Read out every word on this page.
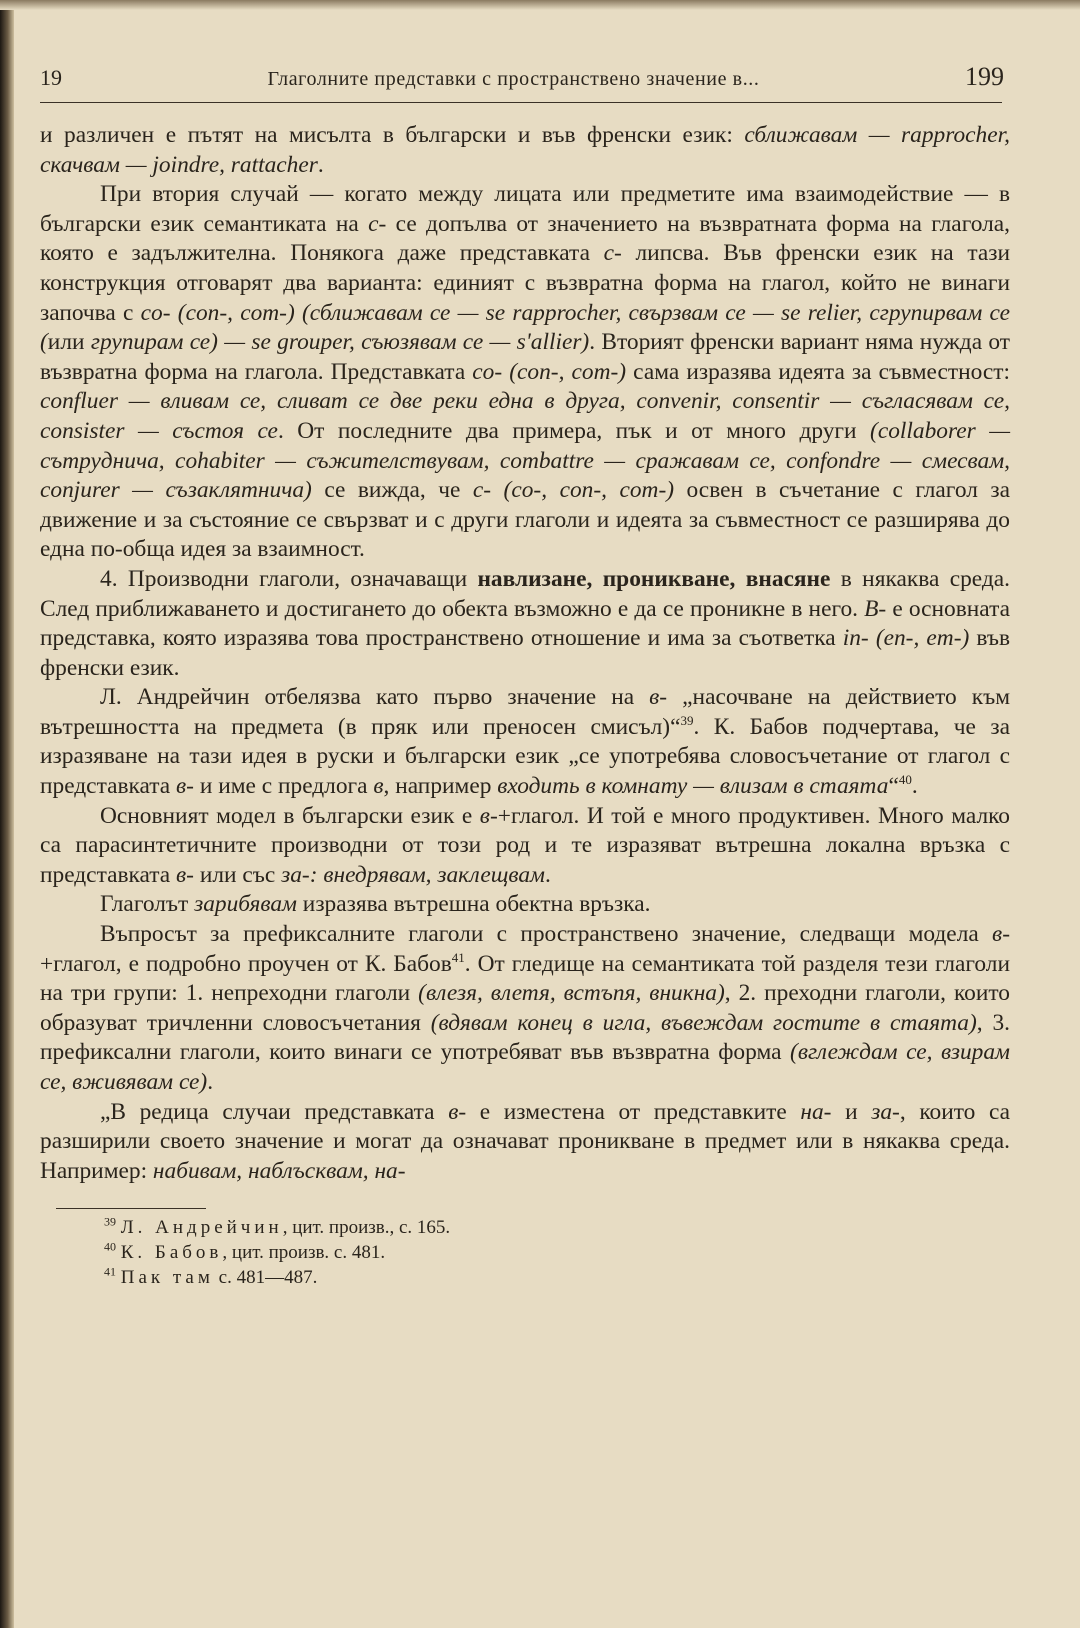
19	Глаголните представки с пространствено значение в...	199

и различен е пътят на мисълта в български и във френски език: сближавам — rapprocher, скачвам — joindre, rattacher.

При втория случай — когато между лицата или предметите има взаимодействие — в български език семантиката на с- се допълва от значението на възвратната форма на глагола, която е задължителна. Понякога даже представката с- липсва. Във френски език на тази конструкция отговарят два варианта: единият с възвратна форма на глагол, който не винаги започва с co- (con-, com-) (сближавам се — se rapprocher, свързвам се — se relier, сгрупирвам се (или групирам се) — se grouper, съюзявам се — s'allier). Вторият френски вариант няма нужда от възвратна форма на глагола. Представката co- (con-, com-) сама изразява идеята за съвместност: confluer — вливам се, сливат се две реки една в друга, convenir, consentir — съгласявам се, consister — състоя се. От последните два примера, пък и от много други (collaborer — сътруднича, cohabiter — съжителствувам, combattre — сражавам се, confondre — смесвам, conjurer — съзаклятнича) се вижда, че с- (co-, con-, com-) освен в съчетание с глагол за движение и за състояние се свързват и с други глаголи и идеята за съвместност се разширява до една по-обща идея за взаимност.

4. Производни глаголи, означаващи навлизане, проникване, внасяне в някаква среда. След приближаването и достигането до обекта възможно е да се проникне в него. В- е основната представка, която изразява това пространствено отношение и има за съответка in- (en-, em-) във френски език.

Л. Андрейчин отбелязва като първо значение на в- „насочване на действието към вътрешността на предмета (в пряк или преносен смисъл)“$^{39}$. К. Бабов подчертава, че за изразяване на тази идея в руски и български език „се употребява словосъчетание от глагол с представката в- и име с предлога в, например входить в комнату — влизам в стаята“$^{40}$.

Основният модел в български език е в-+глагол. И той е много продуктивен. Много малко са парасинтетичните производни от този род и те изразяват вътрешна локална връзка с представката в- или със за-: внедрявам, заклещвам.

Глаголът зарибявам изразява вътрешна обектна връзка.

Въпросът за префиксалните глаголи с пространствено значение, следващи модела в-+глагол, е подробно проучен от К. Бабов$^{41}$. От гледище на семантиката той разделя тези глаголи на три групи: 1. непреходни глаголи (влезя, влетя, встъпя, вникна), 2. преходни глаголи, които образуват тричленни словосъчетания (вдявам конец в игла, въвеждам гостите в стаята), 3. префиксални глаголи, които винаги се употребяват във възвратна форма (вглеждам се, взирам се, вживявам се).

„В редица случаи представката в- е изместена от представките на- и за-, които са разширили своето значение и могат да означават проникване в предмет или в някаква среда. Например: набивам, наблъсквам, на-

$^{39}$ Л. Андрейчин, цит. произв., с. 165.
$^{40}$ К. Бабов, цит. произв. с. 481.
$^{41}$ Пак там с. 481—487.
